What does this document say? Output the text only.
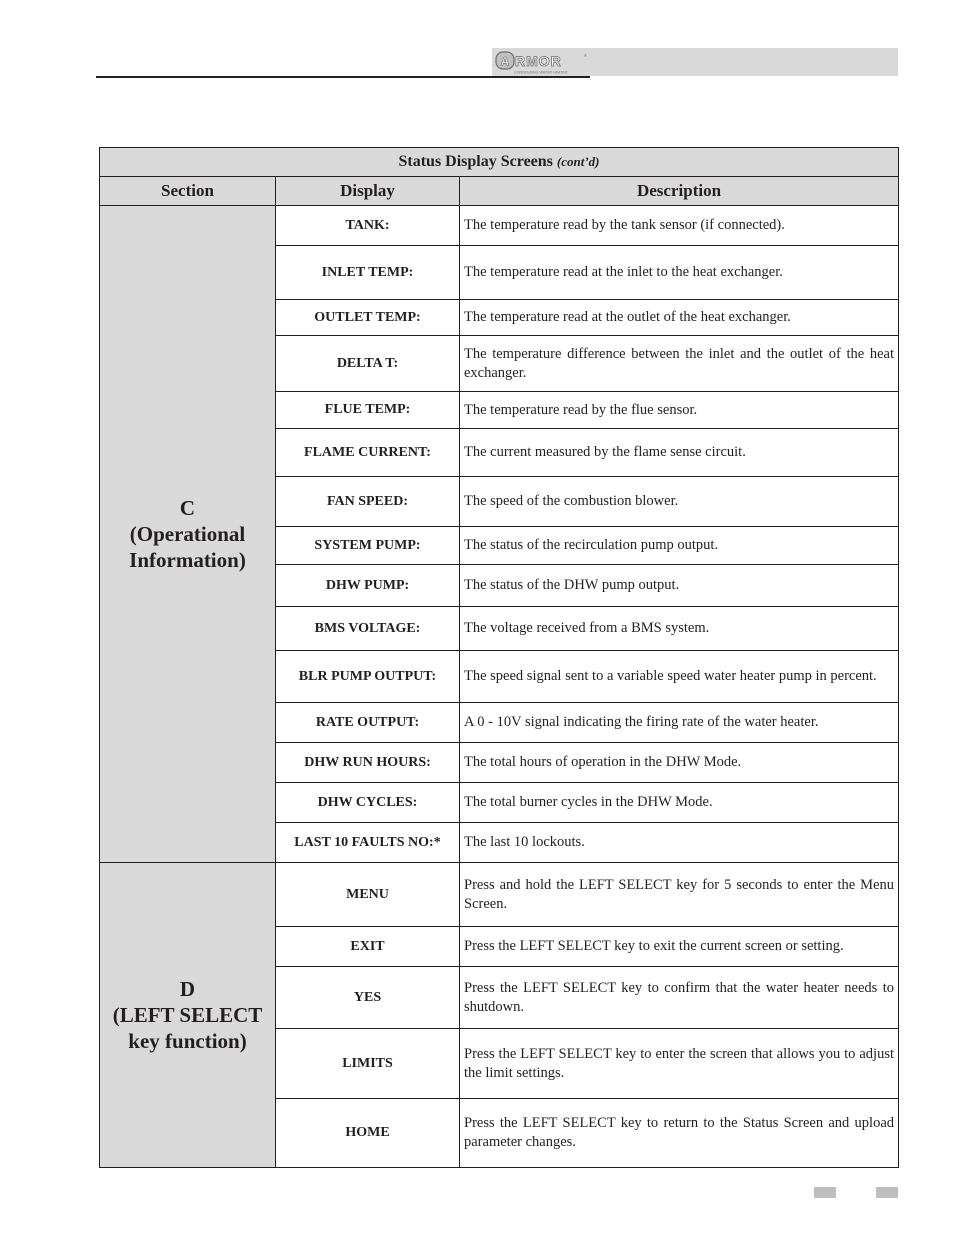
A RMOR	®
CONDENSING WATER HEATER
Status Display Screens (cont’d)		
Section	Display	Description

C
(Operational
Information)	TANK:	The temperature read by the tank sensor (if connected).
	INLET TEMP:	The temperature read at the inlet to the heat exchanger.
	OUTLET TEMP:	The temperature read at the outlet of the heat exchanger.
	DELTA T:	The temperature difference between the inlet and the outlet of the heat exchanger.
	FLUE TEMP:	The temperature read by the flue sensor.
	FLAME CURRENT:	The current measured by the flame sense circuit.
	FAN SPEED:	The speed of the combustion blower.
	SYSTEM PUMP:	The status of the recirculation pump output.
	DHW PUMP:	The status of the DHW pump output.
	BMS VOLTAGE:	The voltage received from a BMS system.
	BLR PUMP OUTPUT:	The speed signal sent to a variable speed water heater pump in percent.
	RATE OUTPUT:	A 0 - 10V signal indicating the firing rate of the water heater.
	DHW RUN HOURS:	The total hours of operation in the DHW Mode.
	DHW CYCLES:	The total burner cycles in the DHW Mode.
	LAST 10 FAULTS NO:*	The last 10 lockouts.

D
(LEFT SELECT
key function)	MENU	Press and hold the LEFT SELECT key for 5 seconds to enter the Menu Screen.
	EXIT	Press the LEFT SELECT key to exit the current screen or setting.
	YES	Press the LEFT SELECT key to confirm that the water heater needs to shutdown.
	LIMITS	Press the LEFT SELECT key to enter the screen that allows you to adjust the limit settings.
	HOME	Press the LEFT SELECT key to return to the Status Screen and upload parameter changes.
